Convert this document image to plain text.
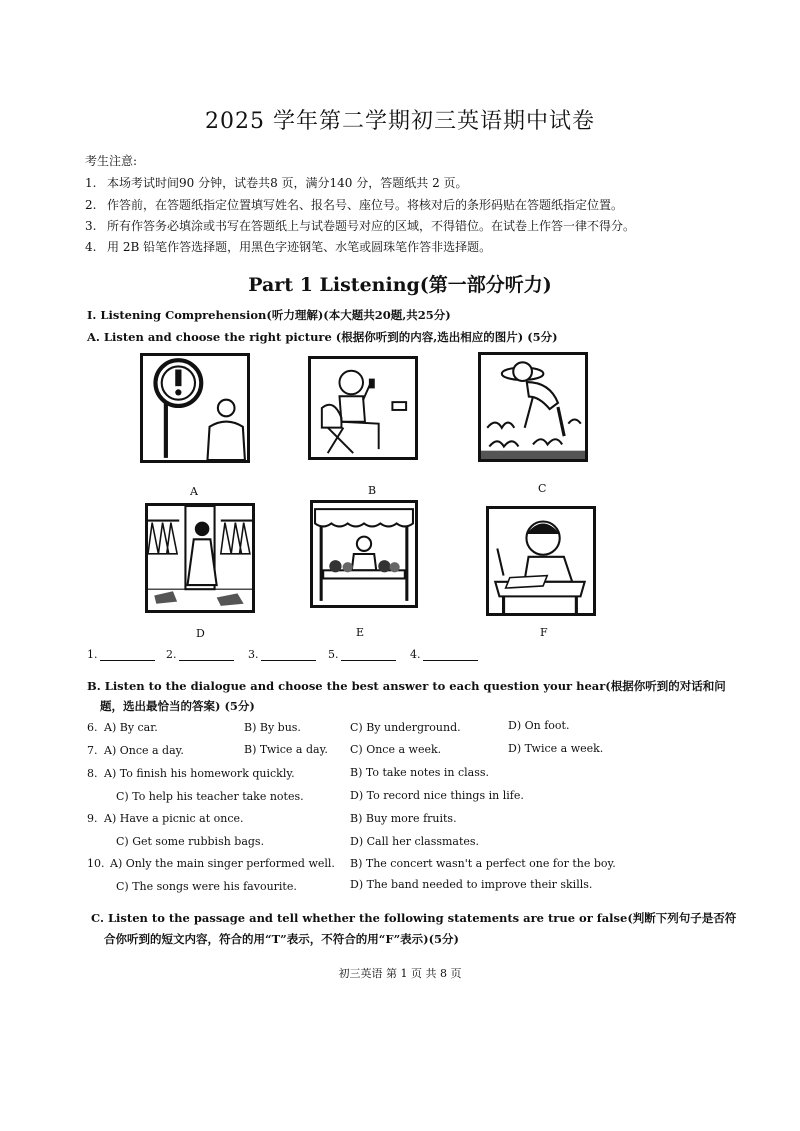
2025 学年第二学期初三英语期中试卷
考生注意:
1. 本场考试时间90 分钟，试卷共8 页，满分140 分，答题纸共 2 页。
2. 作答前，在答题纸指定位置填写姓名、报名号、座位号。将核对后的条形码贴在答题纸指定位置。
3. 所有作答务必填涂或书写在答题纸上与试卷题号对应的区域，不得错位。在试卷上作答一律不得分。
4. 用 2B 铅笔作答选择题，用黑色字迹钢笔、水笔或圆珠笔作答非选择题。
Part 1 Listening(第一部分听力)
I. Listening Comprehension(听力理解)(本大题共20题,共25分)
A. Listen and choose the right picture (根据你听到的内容,选出相应的图片) (5分)
A	B	C
D	E	F
1.	2.	3.	5.	4.
B. Listen to the dialogue and choose the best answer to each question your hear(根据你听到的对话和问
题，选出最恰当的答案) (5分)
6. A) By car.	B) By bus.	C) By underground.	D) On foot.
7. A) Once a day.	B) Twice a day. C) Once a week.	D) Twice a week.
8. A) To finish his homework quickly.	B) To take notes in class.
C) To help his teacher take notes.	D) To record nice things in life.
9. A) Have a picnic at once.	B) Buy more fruits.
C) Get some rubbish bags.	D) Call her classmates.
10. A) Only the main singer performed well. B) The concert wasn't a perfect one for the boy.
C) The songs were his favourite.	D) The band needed to improve their skills.
C. Listen to the passage and tell whether the following statements are true or false(判断下列句子是否符
合你听到的短文内容，符合的用“T”表示，不符合的用“F”表示)(5分)
初三英语 第 1 页 共 8 页
